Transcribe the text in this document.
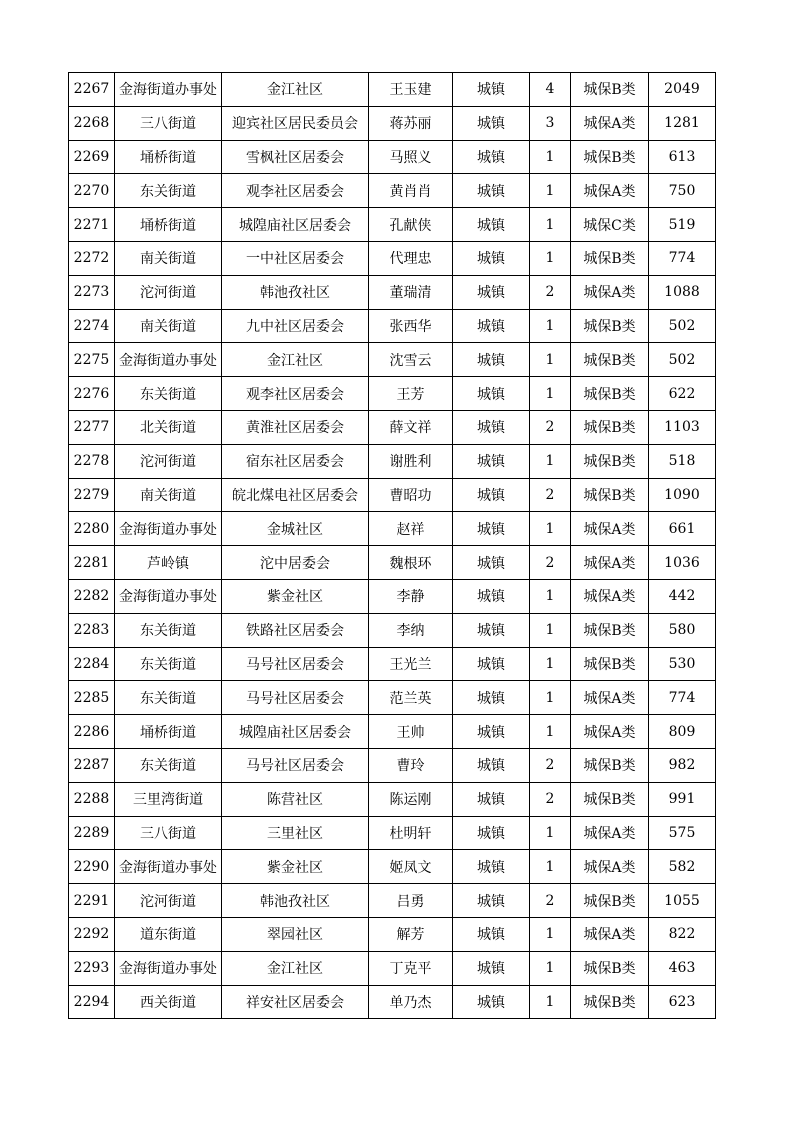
2267	金海街道办事处	金江社区	王玉建	城镇	4	城保B类	2049
2268	三八街道	迎宾社区居民委员会	蒋苏丽	城镇	3	城保A类	1281
2269	埇桥街道	雪枫社区居委会	马照义	城镇	1	城保B类	613
2270	东关街道	观李社区居委会	黄肖肖	城镇	1	城保A类	750
2271	埇桥街道	城隍庙社区居委会	孔献侠	城镇	1	城保C类	519
2272	南关街道	一中社区居委会	代理忠	城镇	1	城保B类	774
2273	沱河街道	韩池孜社区	董瑞清	城镇	2	城保A类	1088
2274	南关街道	九中社区居委会	张西华	城镇	1	城保B类	502
2275	金海街道办事处	金江社区	沈雪云	城镇	1	城保B类	502
2276	东关街道	观李社区居委会	王芳	城镇	1	城保B类	622
2277	北关街道	黄淮社区居委会	薛文祥	城镇	2	城保B类	1103
2278	沱河街道	宿东社区居委会	谢胜利	城镇	1	城保B类	518
2279	南关街道	皖北煤电社区居委会	曹昭功	城镇	2	城保B类	1090
2280	金海街道办事处	金城社区	赵祥	城镇	1	城保A类	661
2281	芦岭镇	沱中居委会	魏根环	城镇	2	城保A类	1036
2282	金海街道办事处	紫金社区	李静	城镇	1	城保A类	442
2283	东关街道	铁路社区居委会	李纳	城镇	1	城保B类	580
2284	东关街道	马号社区居委会	王光兰	城镇	1	城保B类	530
2285	东关街道	马号社区居委会	范兰英	城镇	1	城保A类	774
2286	埇桥街道	城隍庙社区居委会	王帅	城镇	1	城保A类	809
2287	东关街道	马号社区居委会	曹玲	城镇	2	城保B类	982
2288	三里湾街道	陈营社区	陈运刚	城镇	2	城保B类	991
2289	三八街道	三里社区	杜明轩	城镇	1	城保A类	575
2290	金海街道办事处	紫金社区	姬凤文	城镇	1	城保A类	582
2291	沱河街道	韩池孜社区	吕勇	城镇	2	城保B类	1055
2292	道东街道	翠园社区	解芳	城镇	1	城保A类	822
2293	金海街道办事处	金江社区	丁克平	城镇	1	城保B类	463
2294	西关街道	祥安社区居委会	单乃杰	城镇	1	城保B类	623
